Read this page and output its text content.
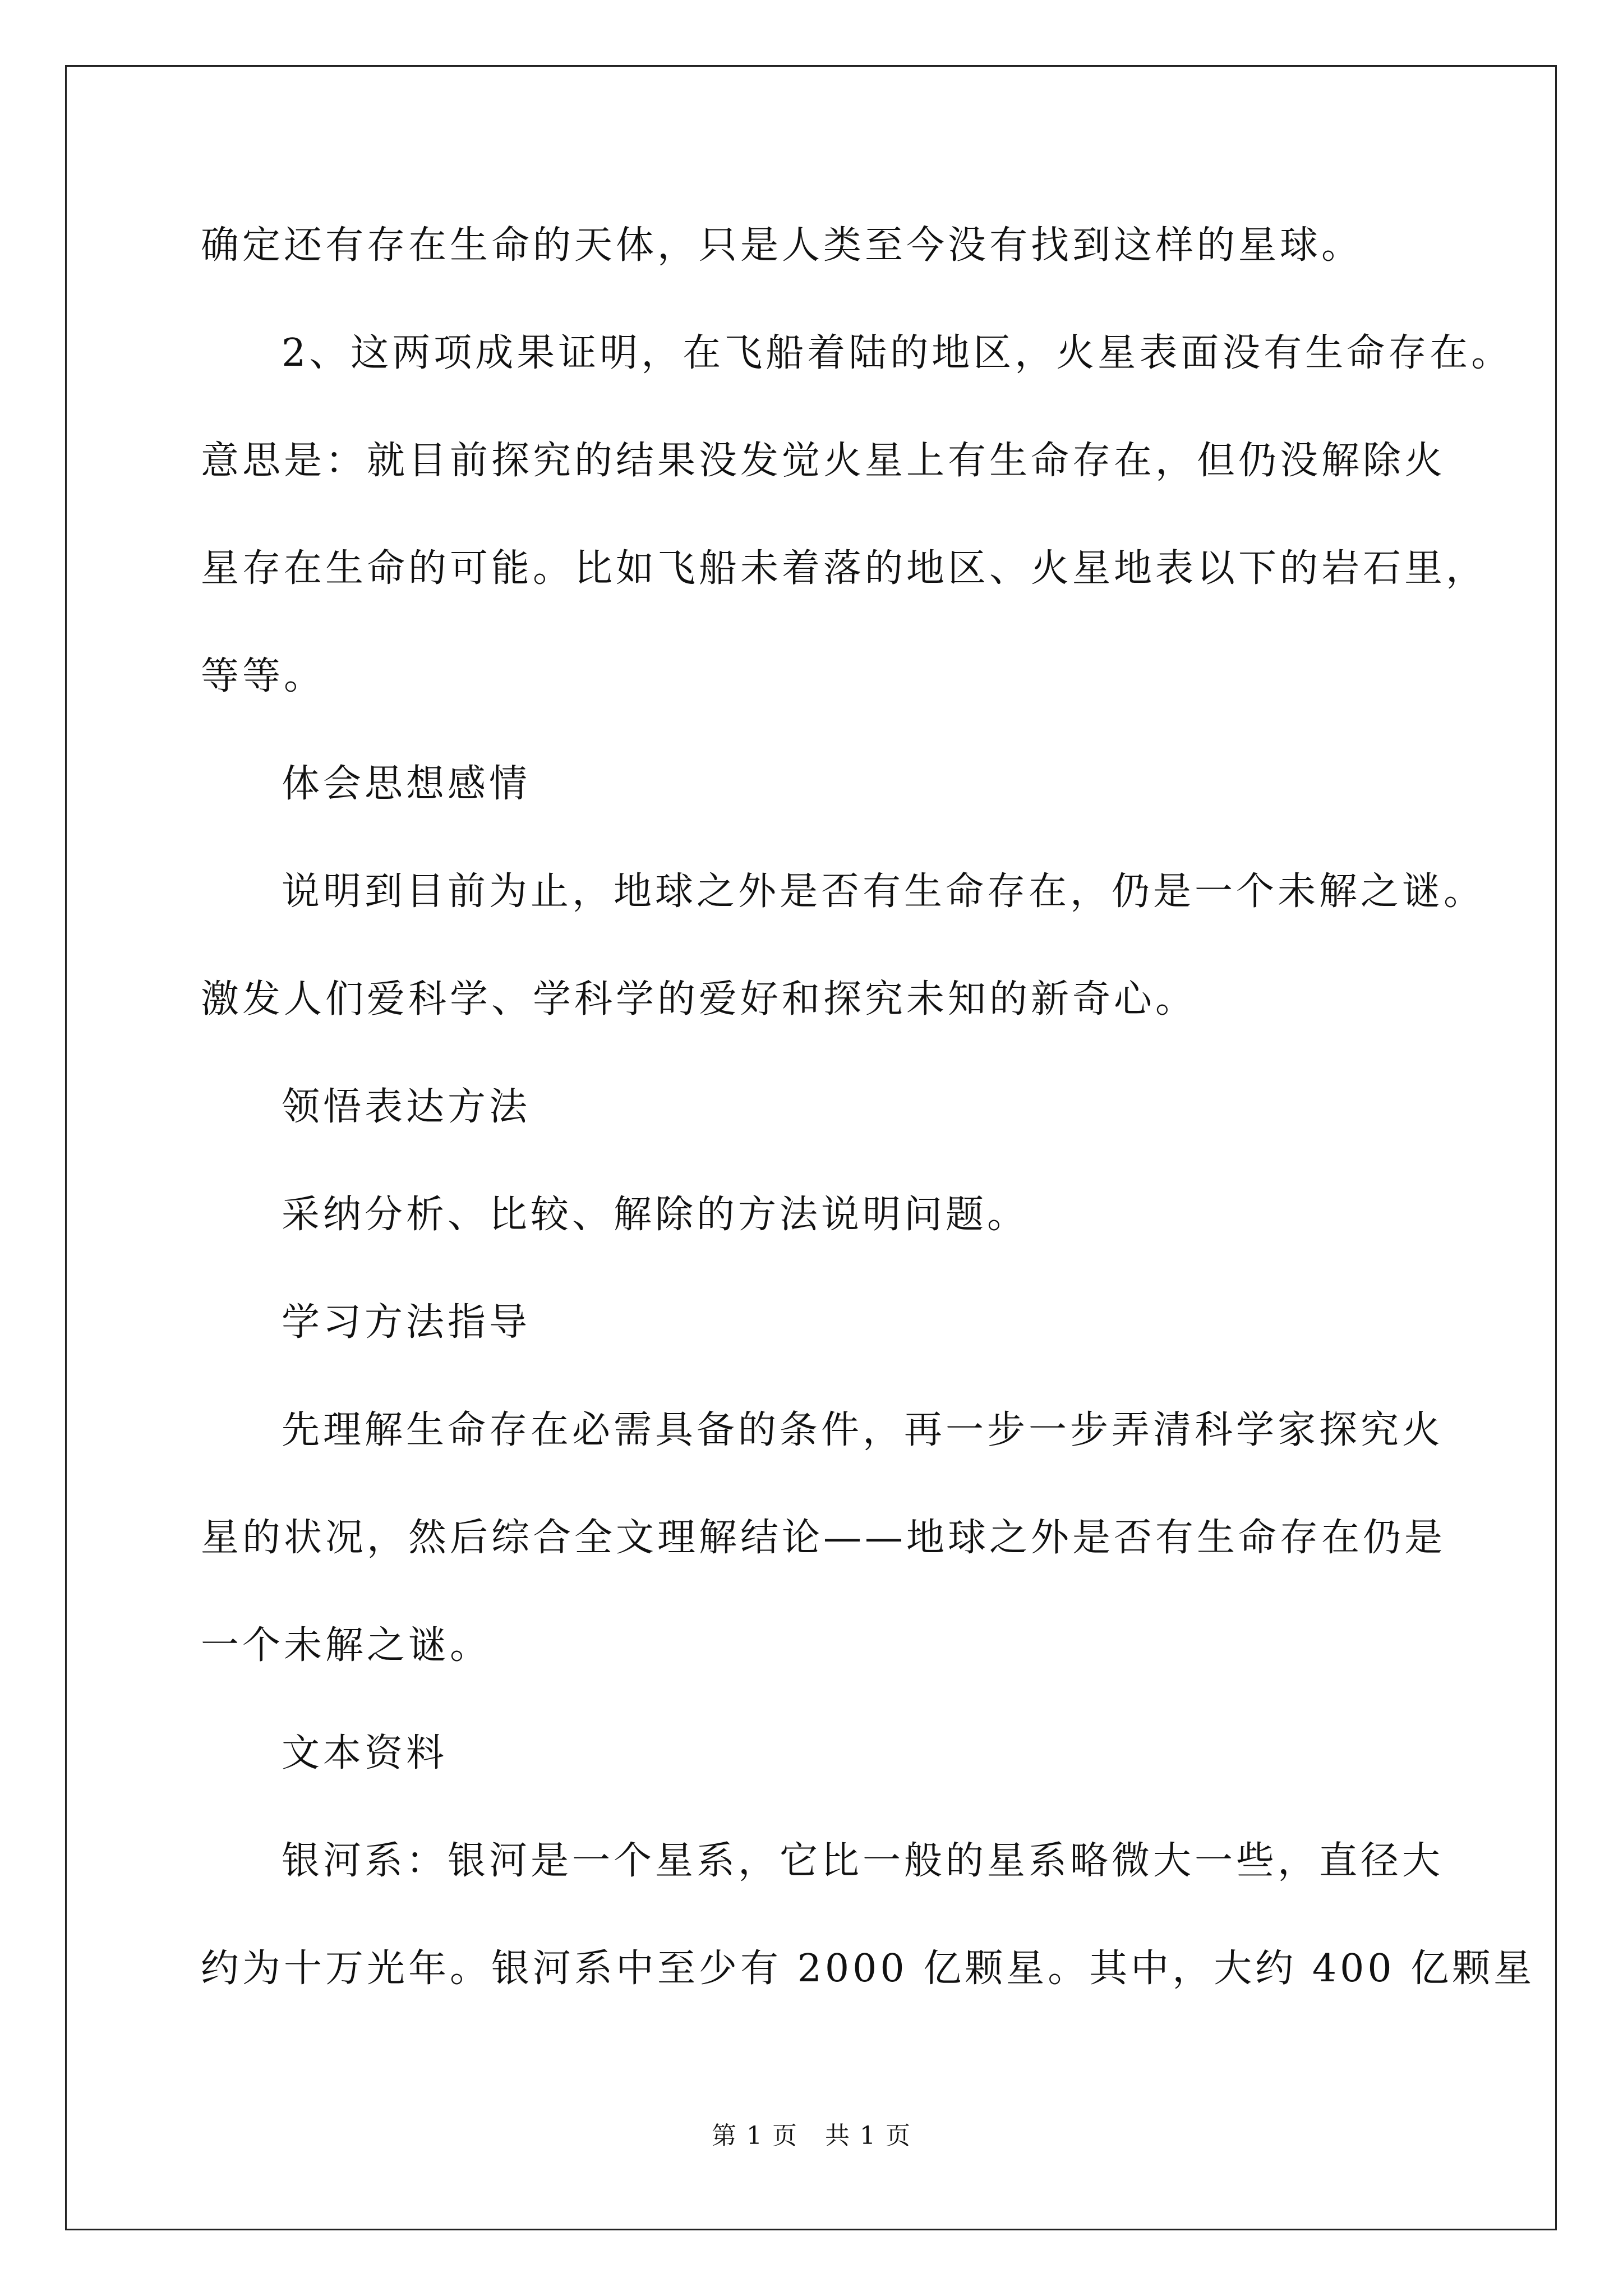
确定还有存在生命的天体，只是人类至今没有找到这样的星球。
2、这两项成果证明，在飞船着陆的地区，火星表面没有生命存在。
意思是：就目前探究的结果没发觉火星上有生命存在，但仍没解除火
星存在生命的可能。比如飞船未着落的地区、火星地表以下的岩石里，
等等。
体会思想感情
说明到目前为止，地球之外是否有生命存在，仍是一个未解之谜。
激发人们爱科学、学科学的爱好和探究未知的新奇心。
领悟表达方法
采纳分析、比较、解除的方法说明问题。
学习方法指导
先理解生命存在必需具备的条件，再一步一步弄清科学家探究火
星的状况，然后综合全文理解结论——地球之外是否有生命存在仍是
一个未解之谜。
文本资料
银河系：银河是一个星系，它比一般的星系略微大一些，直径大
约为十万光年。银河系中至少有 2000 亿颗星。其中，大约 400 亿颗星
第 1 页   共 1 页
